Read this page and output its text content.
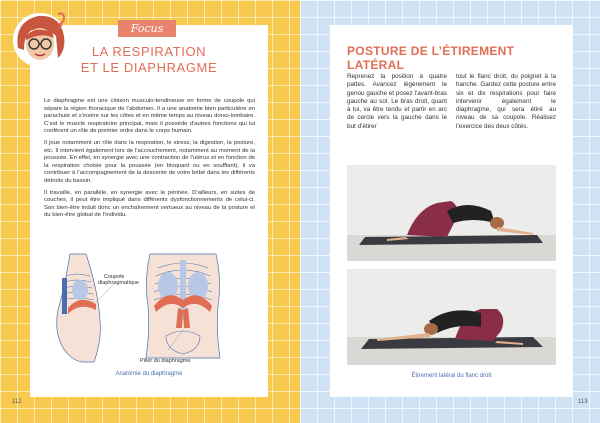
Focus
LA RESPIRATION
ET LE DIAPHRAGME

Le diaphragme est une cloison musculo-tendineuse en forme de coupole qui sépare la région thoracique de l’abdomen. Il a une anatomie bien particulière en parachute et s’insère sur les côtes et en même temps au niveau dorso-lombaire. C’est le muscle respiratoire principal, mais il possède d’autres fonctions qui lui confèrent un rôle de premier ordre dans le corps humain.

Il joue notamment un rôle dans la respiration, le stress, la digestion, la posture, etc. Il intervient également lors de l’accouchement, notamment au moment de la poussée. En effet, en synergie avec une contraction de l’utérus et en fonction de la respiration choisie pour la poussée (en bloquant ou en soufflant), il va contribuer à l’accompagnement de la descente de votre bébé dans les différents détroits du bassin.

Il travaille, en parallèle, en synergie avec le périnée. D’ailleurs, en suites de couches, il peut être impliqué dans différents dysfonctionnements de celui-ci. Son bien-être induit donc un enchaînement vertueux au niveau de la posture et du bien-être global de l’individu.

Coupole
diaphragmatique
Pilier du diaphragme
Anatomie du diaphragme
112
POSTURE DE L’ÉTIREMENT LATÉRAL
Reprenez la position à quatre pattes. Avancez légèrement le genou gauche et posez l’avant-bras gauche au sol. Le bras droit, quant à lui, va être tendu et partir en arc de cercle vers la gauche dans le but d’étirer
tout le flanc droit, du poignet à la hanche. Gardez cette posture entre six et dix respirations pour faire intervenir également le diaphragme, qui sera étiré au niveau de sa coupole. Réalisez l’exercice des deux côtés.
Étirement latéral du flanc droit
113
